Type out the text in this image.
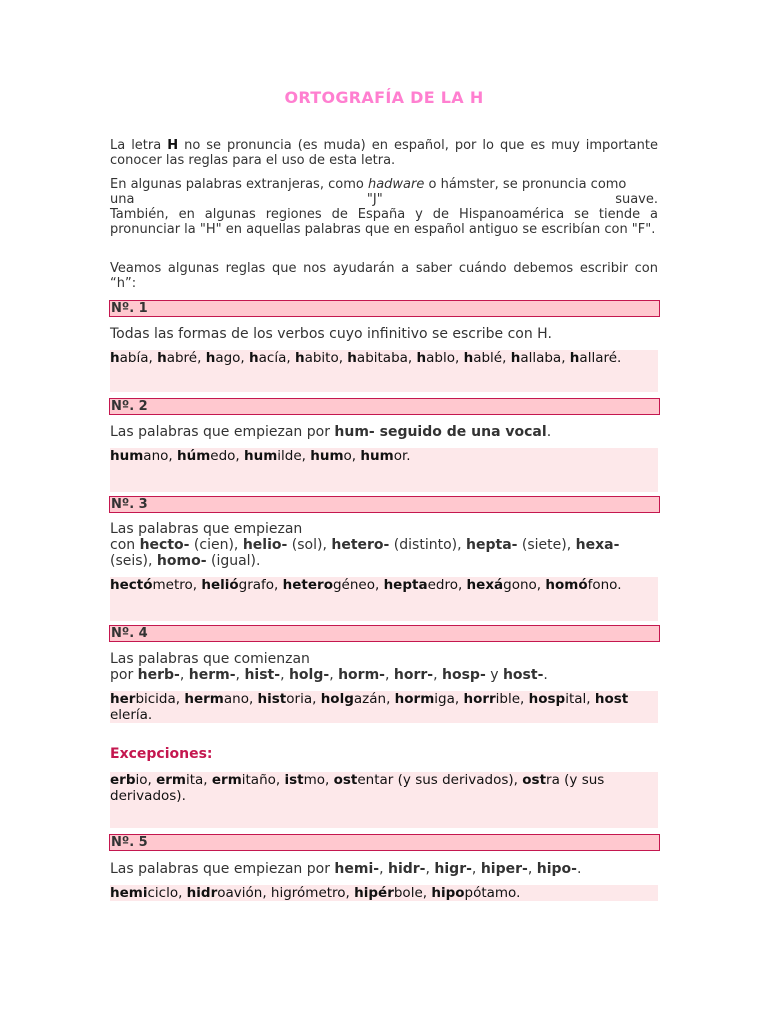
ORTOGRAFÍA DE LA H
La letra H no se pronuncia (es muda) en español, por lo que es muy importante conocer las reglas para el uso de esta letra.
En algunas palabras extranjeras, como hadware o hámster, se pronuncia como
una	"J"	suave.
También, en algunas regiones de España y de Hispanoamérica se tiende a pronunciar la "H" en aquellas palabras que en español antiguo se escribían con "F".
Veamos algunas reglas que nos ayudarán a saber cuándo debemos escribir con “h”:
Nº. 1
Todas las formas de los verbos cuyo infinitivo se escribe con H.
había, habré, hago, hacía, habito, habitaba, hablo, hablé, hallaba, hallaré.
Nº. 2
Las palabras que empiezan por hum- seguido de una vocal.
humano, húmedo, humilde, humo, humor.
Nº. 3
Las palabras que empiezan
con hecto- (cien), helio- (sol), hetero- (distinto), hepta- (siete), hexa-
(seis), homo- (igual).
hectómetro, heliógrafo, heterogéneo, heptaedro, hexágono, homófono.
Nº. 4
Las palabras que comienzan
por herb-, herm-, hist-, holg-, horm-, horr-, hosp- y host-.
herbicida, hermano, historia, holgazán, hormiga, horrible, hospital, host
elería.
Excepciones:
erbio, ermita, ermitaño, istmo, ostentar (y sus derivados), ostra (y sus
derivados).
Nº. 5
Las palabras que empiezan por hemi-, hidr-, higr-, hiper-, hipo-.
hemiciclo, hidroavión, higrómetro, hipérbole, hipopótamo.
